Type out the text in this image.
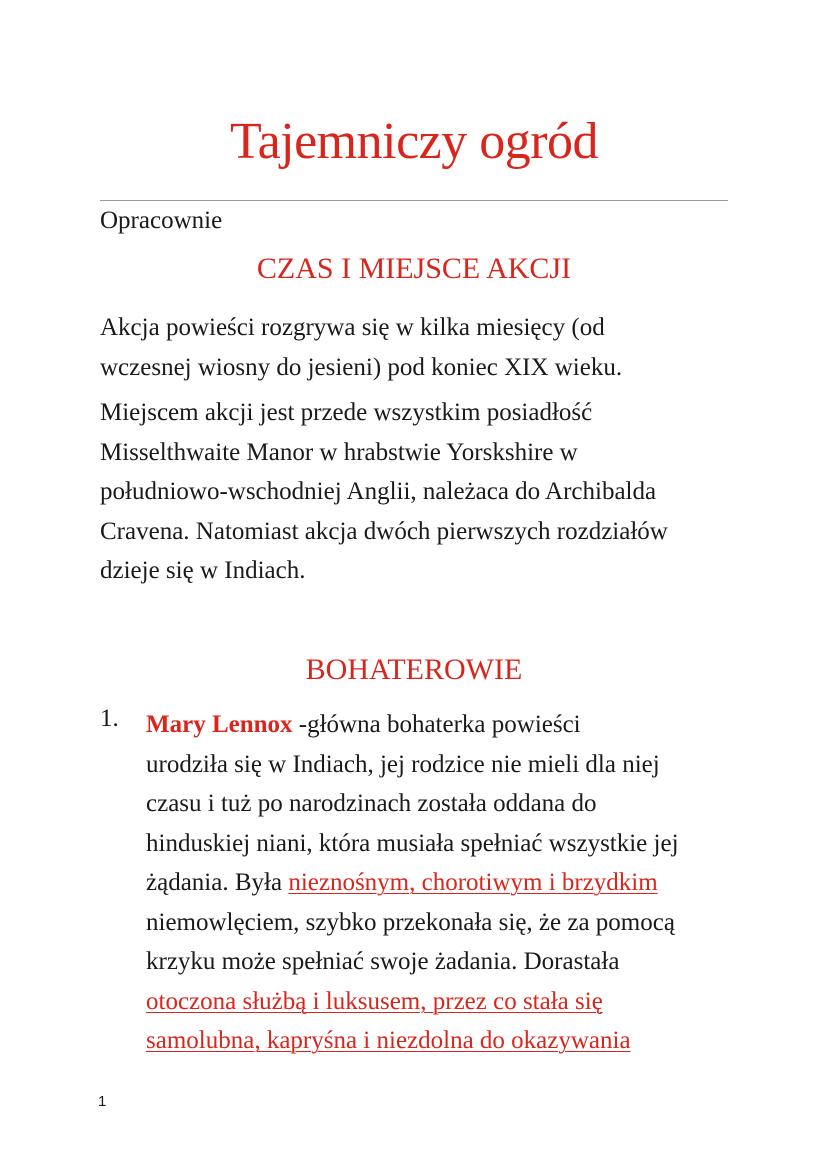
Tajemniczy ogród
Opracownie
CZAS I MIEJSCE AKCJI
Akcja powieści rozgrywa się w kilka miesięcy (od
wczesnej wiosny do jesieni) pod koniec XIX wieku.
Miejscem akcji jest przede wszystkim posiadłość
Misselthwaite Manor w hrabstwie Yorskshire w
południowo-wschodniej Anglii, należaca do Archibalda
Cravena. Natomiast akcja dwóch pierwszych rozdziałów
dzieje się w Indiach.
BOHATEROWIE
1. Mary Lennox -główna bohaterka powieści
urodziła się w Indiach, jej rodzice nie mieli dla niej
czasu i tuż po narodzinach została oddana do
hinduskiej niani, która musiała spełniać wszystkie jej
żądania. Była nieznośnym, chorotiwym i brzydkim
niemowlęciem, szybko przekonała się, że za pomocą
krzyku może spełniać swoje żadania. Dorastała
otoczona służbą i luksusem, przez co stała się
samolubna, kapryśna i niezdolna do okazywania
1
